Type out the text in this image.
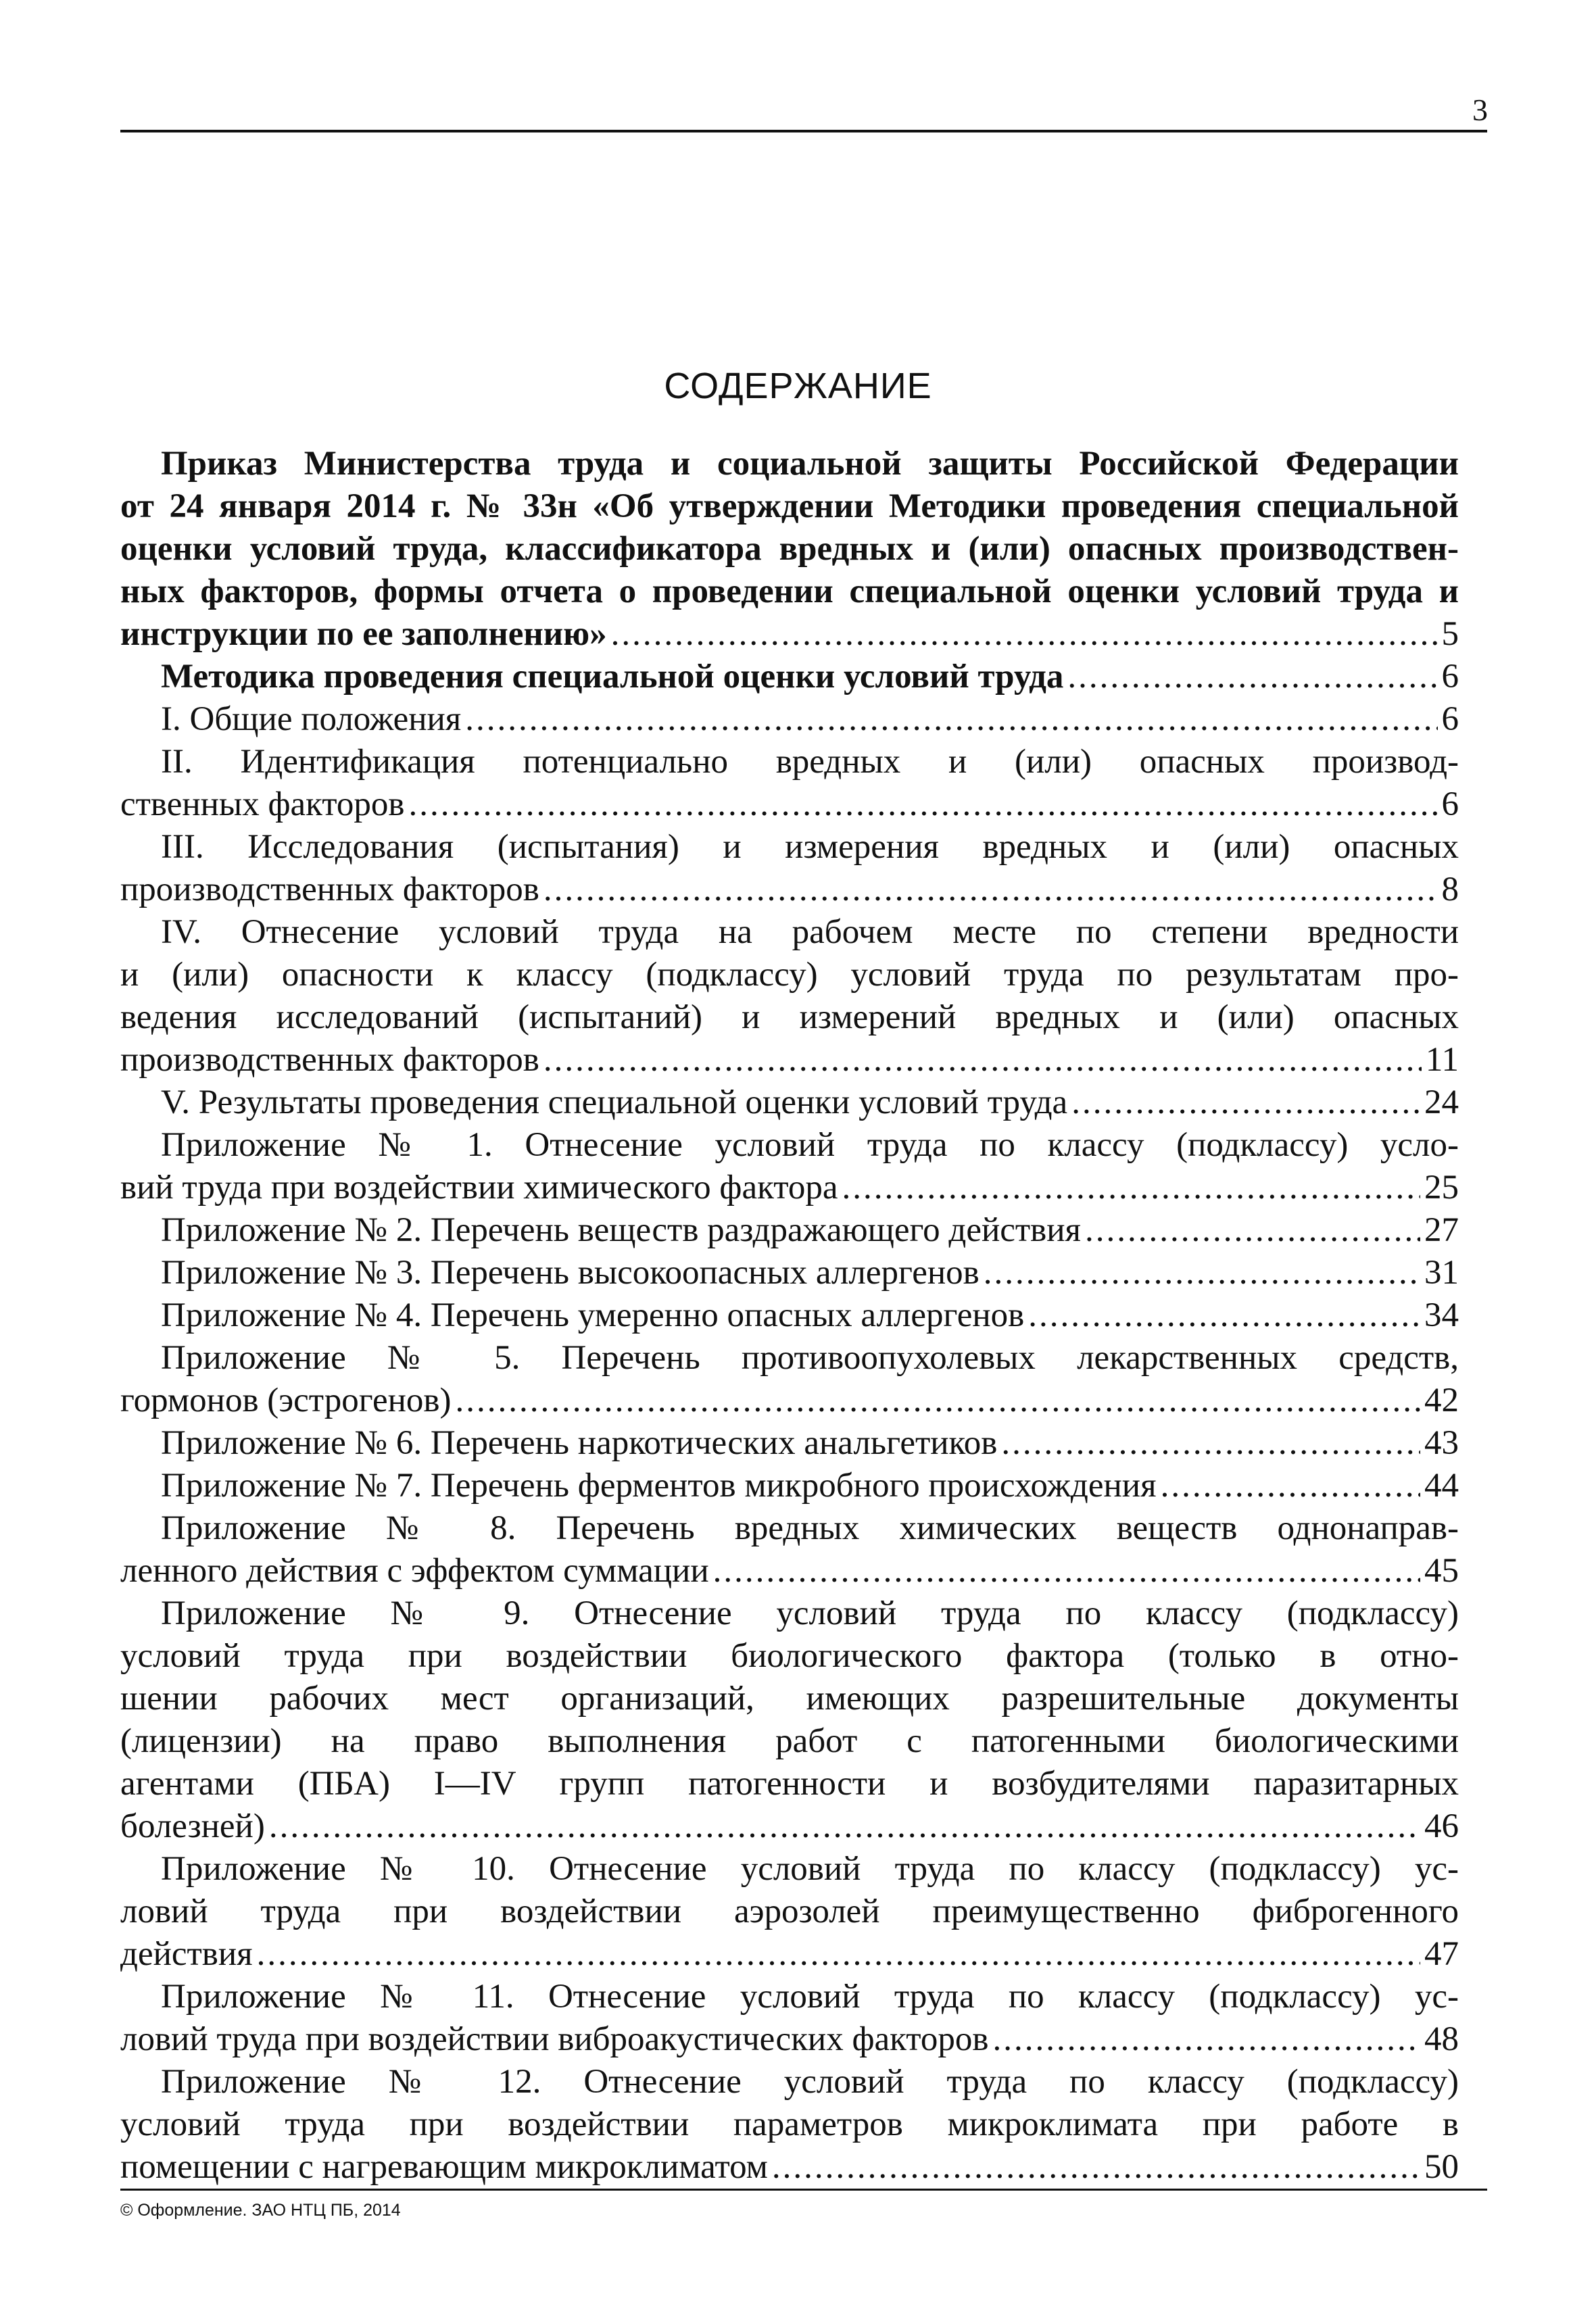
3
СОДЕРЖАНИЕ
Приказ Министерства труда и социальной защиты Российской Федерации
от 24 января 2014 г. № 33н «Об утверждении Методики проведения специальной
оценки условий труда, классификатора вредных и (или) опасных производствен-
ных факторов, формы отчета о проведении специальной оценки условий труда и
инструкции по ее заполнению» .....	5
Методика проведения специальной оценки условий труда .....	6
I. Общие положения .....	6
II. Идентификация потенциально вредных и (или) опасных производ-
ственных факторов .....	6
III. Исследования (испытания) и измерения вредных и (или) опасных
производственных факторов .....	8
IV. Отнесение условий труда на рабочем месте по степени вредности
и (или) опасности к классу (подклассу) условий труда по результатам про-
ведения исследований (испытаний) и измерений вредных и (или) опасных
производственных факторов .....	11
V. Результаты проведения специальной оценки условий труда .....	24
Приложение № 1. Отнесение условий труда по классу (подклассу) усло-
вий труда при воздействии химического фактора .....	25
Приложение № 2. Перечень веществ раздражающего действия .....	27
Приложение № 3. Перечень высокоопасных аллергенов .....	31
Приложение № 4. Перечень умеренно опасных аллергенов .....	34
Приложение № 5. Перечень противоопухолевых лекарственных средств,
гормонов (эстрогенов) .....	42
Приложение № 6. Перечень наркотических анальгетиков .....	43
Приложение № 7. Перечень ферментов микробного происхождения .....	44
Приложение № 8. Перечень вредных химических веществ однонаправ-
ленного действия с эффектом суммации .....	45
Приложение № 9. Отнесение условий труда по классу (подклассу)
условий труда при воздействии биологического фактора (только в отно-
шении рабочих мест организаций, имеющих разрешительные документы
(лицензии) на право выполнения работ с патогенными биологическими
агентами (ПБА) I—IV групп патогенности и возбудителями паразитарных
болезней) .....	46
Приложение № 10. Отнесение условий труда по классу (подклассу) ус-
ловий труда при воздействии аэрозолей преимущественно фиброгенного
действия .....	47
Приложение № 11. Отнесение условий труда по классу (подклассу) ус-
ловий труда при воздействии виброакустических факторов .....	48
Приложение № 12. Отнесение условий труда по классу (подклассу)
условий труда при воздействии параметров микроклимата при работе в
помещении с нагревающим микроклиматом .....	50
© Оформление. ЗАО НТЦ ПБ, 2014
